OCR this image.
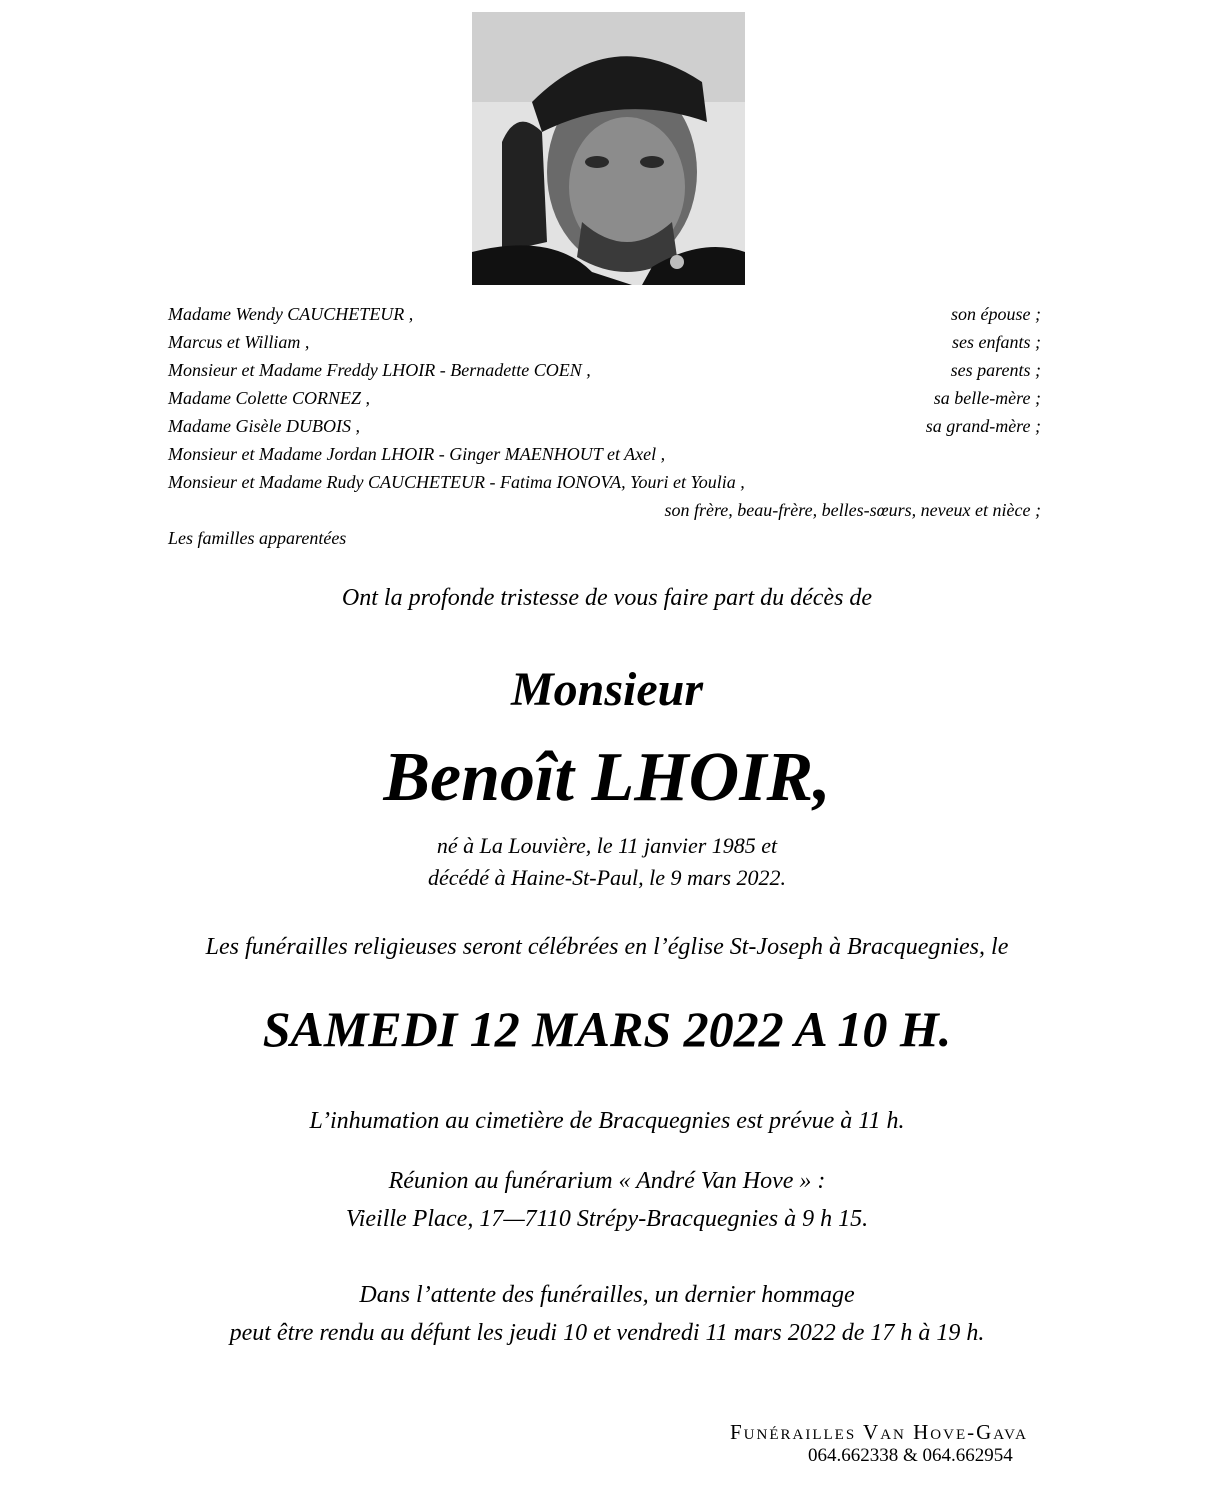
Madame Wendy CAUCHETEUR ,	son épouse ;
Marcus et William ,	ses enfants ;
Monsieur et Madame Freddy LHOIR - Bernadette COEN ,	ses parents ;
Madame Colette CORNEZ ,	sa belle-mère ;
Madame Gisèle DUBOIS ,	sa grand-mère ;
Monsieur et Madame Jordan LHOIR - Ginger MAENHOUT et Axel ,
Monsieur et Madame Rudy CAUCHETEUR - Fatima IONOVA, Youri et Youlia ,
son frère, beau-frère, belles-sœurs, neveux et nièce ;
Les familles apparentées
Ont la profonde tristesse de vous faire part du décès de
Monsieur
Benoît LHOIR,
né à La Louvière, le 11 janvier 1985 et
décédé à Haine-St-Paul, le 9 mars 2022.
Les funérailles religieuses seront célébrées en l’église St-Joseph à Bracquegnies, le
SAMEDI 12 MARS 2022 A 10 H.
L’inhumation au cimetière de Bracquegnies est prévue à 11 h.
Réunion au funérarium « André Van Hove » :
Vieille Place, 17—7110 Strépy-Bracquegnies à 9 h 15.
Dans l’attente des funérailles, un dernier hommage
peut être rendu au défunt les jeudi 10 et vendredi 11 mars 2022 de 17 h à 19 h.
Funérailles Van Hove-Gava
064.662338 & 064.662954
